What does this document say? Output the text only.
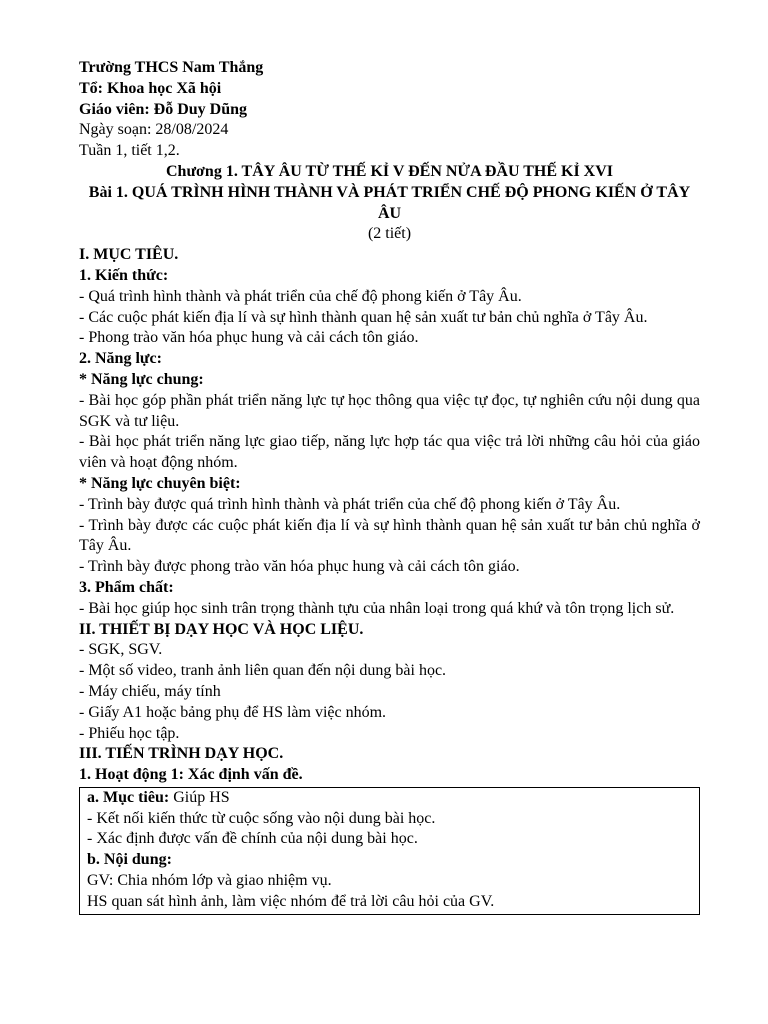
Trường THCS Nam Thắng
Tổ: Khoa học Xã hội
Giáo viên: Đỗ Duy Dũng
Ngày soạn: 28/08/2024
Tuần 1, tiết 1,2.
Chương 1. TÂY ÂU TỪ THẾ KỈ V ĐẾN NỬA ĐẦU THẾ KỈ XVI
Bài 1. QUÁ TRÌNH HÌNH THÀNH VÀ PHÁT TRIỂN CHẾ ĐỘ PHONG KIẾN Ở TÂY ÂU
(2 tiết)
I. MỤC TIÊU.
1. Kiến thức:
- Quá trình hình thành và phát triển của chế độ phong kiến ở Tây Âu.
- Các cuộc phát kiến địa lí và sự hình thành quan hệ sản xuất tư bản chủ nghĩa ở Tây Âu.
- Phong trào văn hóa phục hung và cải cách tôn giáo.
2. Năng lực:
* Năng lực chung:
- Bài học góp phần phát triển năng lực tự học thông qua việc tự đọc, tự nghiên cứu nội dung qua SGK và tư liệu.
- Bài học phát triển năng lực giao tiếp, năng lực hợp tác qua việc trả lời những câu hỏi của giáo viên và hoạt động nhóm.
* Năng lực chuyên biệt:
- Trình bày được quá trình hình thành và phát triển của chế độ phong kiến ở Tây Âu.
- Trình bày được các cuộc phát kiến địa lí và sự hình thành quan hệ sản xuất tư bản chủ nghĩa ở Tây Âu.
- Trình bày được phong trào văn hóa phục hung và cải cách tôn giáo.
3. Phẩm chất:
- Bài học giúp học sinh trân trọng thành tựu của nhân loại trong quá khứ và tôn trọng lịch sử.
II. THIẾT BỊ DẠY HỌC VÀ HỌC LIỆU.
- SGK, SGV.
- Một số video, tranh ảnh liên quan đến nội dung bài học.
- Máy chiếu, máy tính
- Giấy A1 hoặc bảng phụ để HS làm việc nhóm.
- Phiếu học tập.
III. TIẾN TRÌNH DẠY HỌC.
1. Hoạt động 1: Xác định vấn đề.
a. Mục tiêu: Giúp HS
- Kết nối kiến thức từ cuộc sống vào nội dung bài học.
- Xác định được vấn đề chính của nội dung bài học.
b. Nội dung:
GV: Chia nhóm lớp và giao nhiệm vụ.
HS quan sát hình ảnh, làm việc nhóm để trả lời câu hỏi của GV.
